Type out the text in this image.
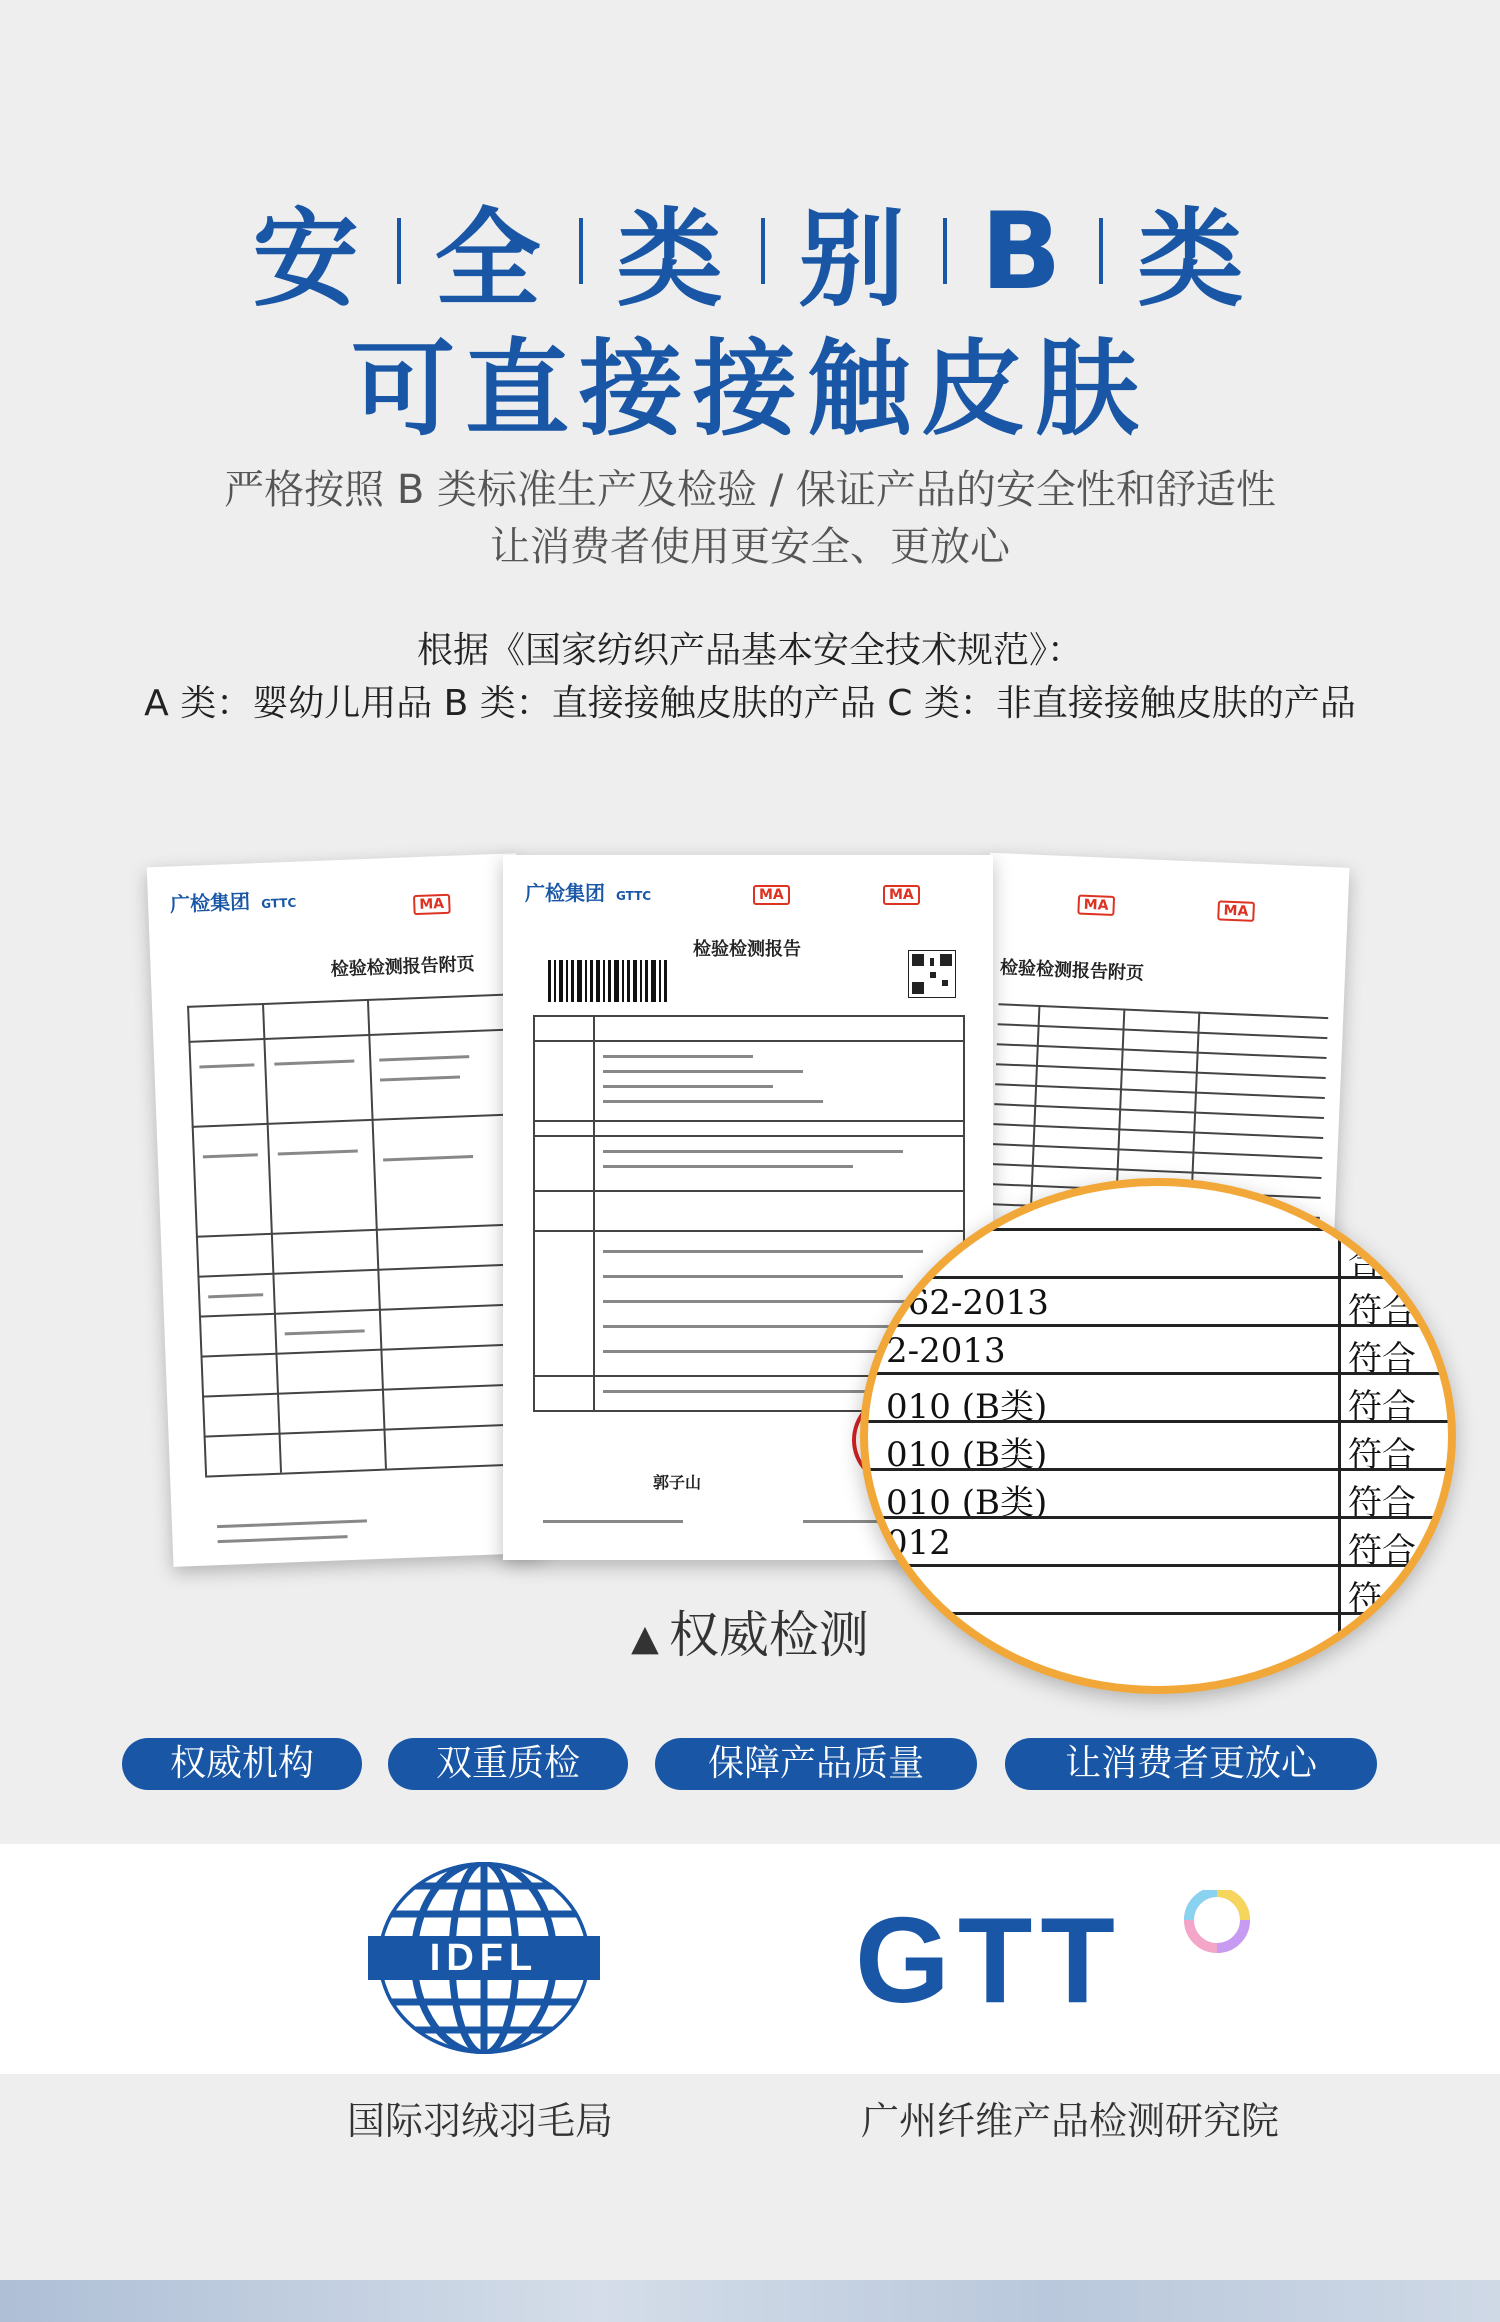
安 全 类 别 B 类
可直接接触皮肤
严格按照 B 类标准生产及检验 / 保证产品的安全性和舒适性
让消费者使用更安全、更放心
根据《国家纺织产品基本安全技术规范》：
A 类：婴幼儿用品 B 类：直接接触皮肤的产品 C 类：非直接接触皮肤的产品
广检集团 GTTC	MA
检验检测报告附页
MA	MA
检验检测报告附页
广检集团 GTTC	MA	MA
检验检测报告
郭子山
合
862-2013	符合
2-2013	符合
010 (B类)	符合
010 (B类)	符合
010 (B类)	符合
012	符合
2	符
▲ 权威检测
权威机构	双重质检	保障产品质量	让消费者更放心
IDFL	GTT
国际羽绒羽毛局	广州纤维产品检测研究院
